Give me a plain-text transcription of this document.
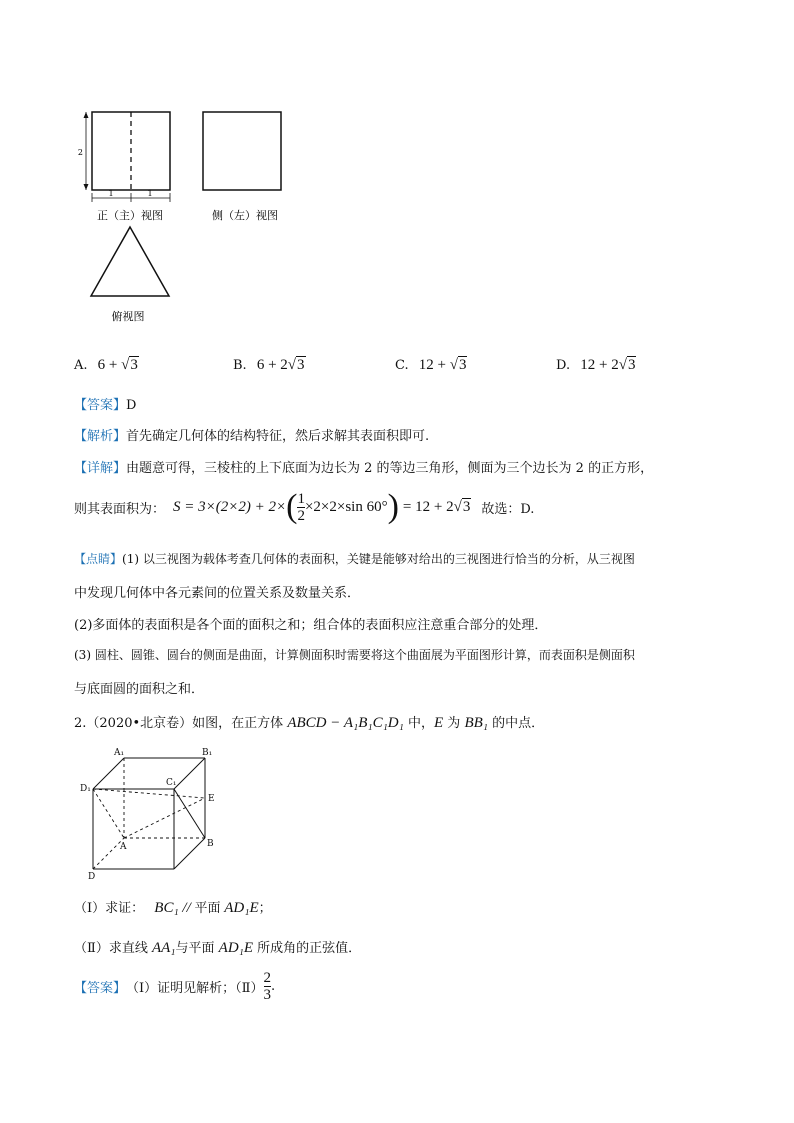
2
1	1
正（主）视图	侧（左）视图
俯视图
A. 6 + √3	B. 6 + 2√3	C. 12 + √3	D. 12 + 2√3
【答案】D
【解析】首先确定几何体的结构特征，然后求解其表面积即可.
【详解】由题意可得，三棱柱的上下底面为边长为 2 的等边三角形，侧面为三个边长为 2 的正方形，
则其表面积为： S = 3×(2×2) + 2× ( $\frac{1}{2} \times 2\times 2\times\sin$ 60° ) = 12 + 2 √ 3 故选：D.
【点睛】(1) 以三视图为载体考查几何体的表面积，关键是能够对给出的三视图进行恰当的分析，从三视图
中发现几何体中各元素间的位置关系及数量关系．
(2)多面体的表面积是各个面的面积之和；组合体的表面积应注意重合部分的处理．
(3) 圆柱、圆锥、圆台的侧面是曲面，计算侧面积时需要将这个曲面展为平面图形计算，而表面积是侧面积
与底面圆的面积之和．
2.（2020•北京卷）如图，在正方体 ABCD − A₁B₁C₁D₁ 中，E 为 BB₁ 的中点．
A₁	B₁
D₁
C₁
E
A	B
D
（Ⅰ）求证： BC₁ // 平面 AD₁E；
（Ⅱ）求直线 AA₁与平面 AD₁E 所成角的正弦值．
【答案】 （Ⅰ）证明见解析；（Ⅱ） $\frac{2}{3}$ .
